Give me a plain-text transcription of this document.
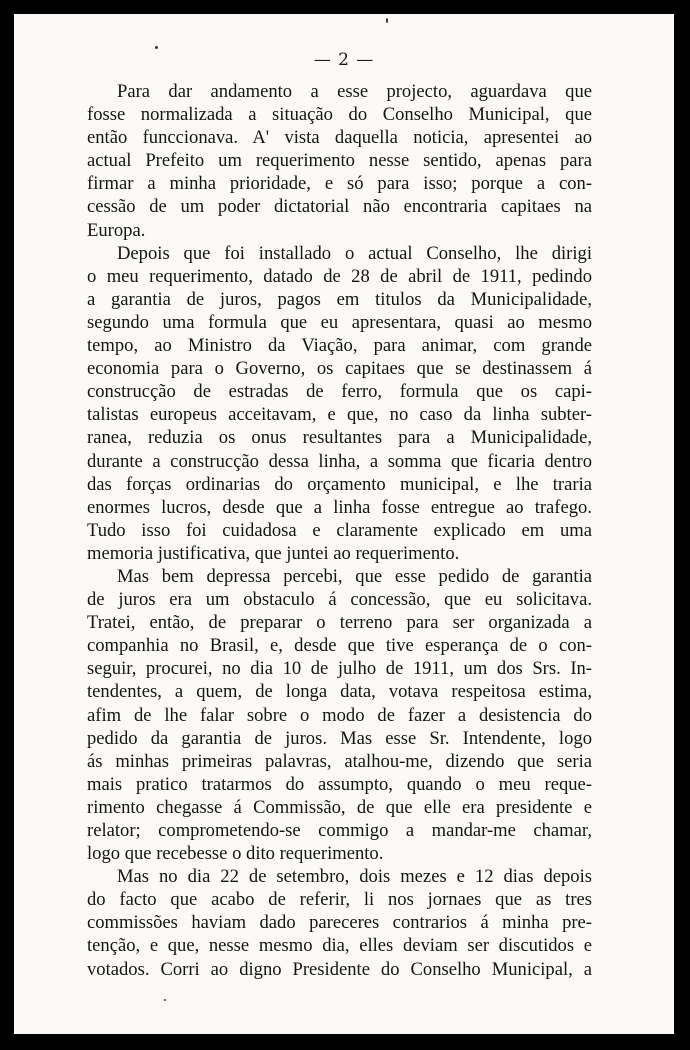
— 2 —
Para dar andamento a esse projecto, aguardava que
fosse normalizada a situação do Conselho Municipal, que
então funccionava. A' vista daquella noticia, apresentei ao
actual Prefeito um requerimento nesse sentido, apenas para
firmar a minha prioridade, e só para isso; porque a con-
cessão de um poder dictatorial não encontraria capitaes na
Europa.
Depois que foi installado o actual Conselho, lhe dirigi
o meu requerimento, datado de 28 de abril de 1911, pedindo
a garantia de juros, pagos em titulos da Municipalidade,
segundo uma formula que eu apresentara, quasi ao mesmo
tempo, ao Ministro da Viação, para animar, com grande
economia para o Governo, os capitaes que se destinassem á
construcção de estradas de ferro, formula que os capi-
talistas europeus acceitavam, e que, no caso da linha subter-
ranea, reduzia os onus resultantes para a Municipalidade,
durante a construcção dessa linha, a somma que ficaria dentro
das forças ordinarias do orçamento municipal, e lhe traria
enormes lucros, desde que a linha fosse entregue ao trafego.
Tudo isso foi cuidadosa e claramente explicado em uma
memoria justificativa, que juntei ao requerimento.
Mas bem depressa percebi, que esse pedido de garantia
de juros era um obstaculo á concessão, que eu solicitava.
Tratei, então, de preparar o terreno para ser organizada a
companhia no Brasil, e, desde que tive esperança de o con-
seguir, procurei, no dia 10 de julho de 1911, um dos Srs. In-
tendentes, a quem, de longa data, votava respeitosa estima,
afim de lhe falar sobre o modo de fazer a desistencia do
pedido da garantia de juros. Mas esse Sr. Intendente, logo
ás minhas primeiras palavras, atalhou-me, dizendo que seria
mais pratico tratarmos do assumpto, quando o meu reque-
rimento chegasse á Commissão, de que elle era presidente e
relator; comprometendo-se commigo a mandar-me chamar,
logo que recebesse o dito requerimento.
Mas no dia 22 de setembro, dois mezes e 12 dias depois
do facto que acabo de referir, li nos jornaes que as tres
commissões haviam dado pareceres contrarios á minha pre-
tenção, e que, nesse mesmo dia, elles deviam ser discutidos e
votados. Corri ao digno Presidente do Conselho Municipal, a
